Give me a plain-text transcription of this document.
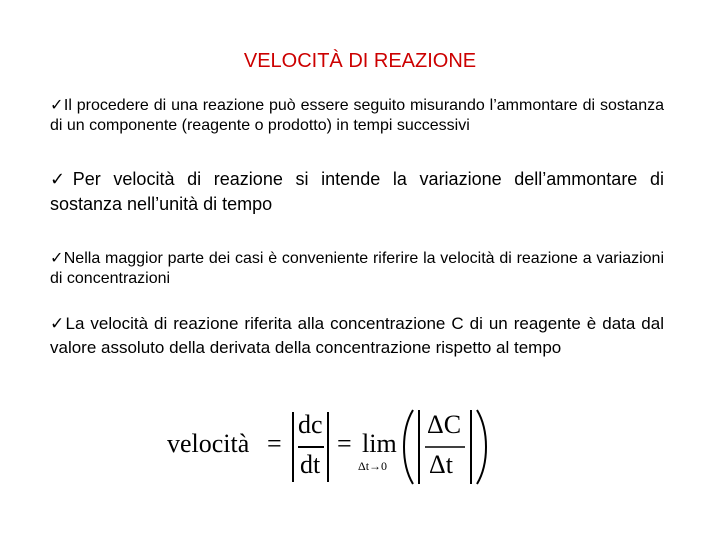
VELOCITÀ DI REAZIONE
✓Il procedere di una reazione può essere seguito misurando l’ammontare di sostanza di un componente (reagente o prodotto) in tempi successivi
✓Per velocità di reazione si intende la variazione dell’ammontare di sostanza nell’unità di tempo
✓Nella maggior parte dei casi è conveniente riferire la velocità di reazione a variazioni di concentrazioni
✓La velocità di reazione riferita alla concentrazione C di un reagente è data dal valore assoluto della derivata della concentrazione rispetto al tempo
velocità =
dc
dt
= lim
Δt→0
ΔC
Δt
